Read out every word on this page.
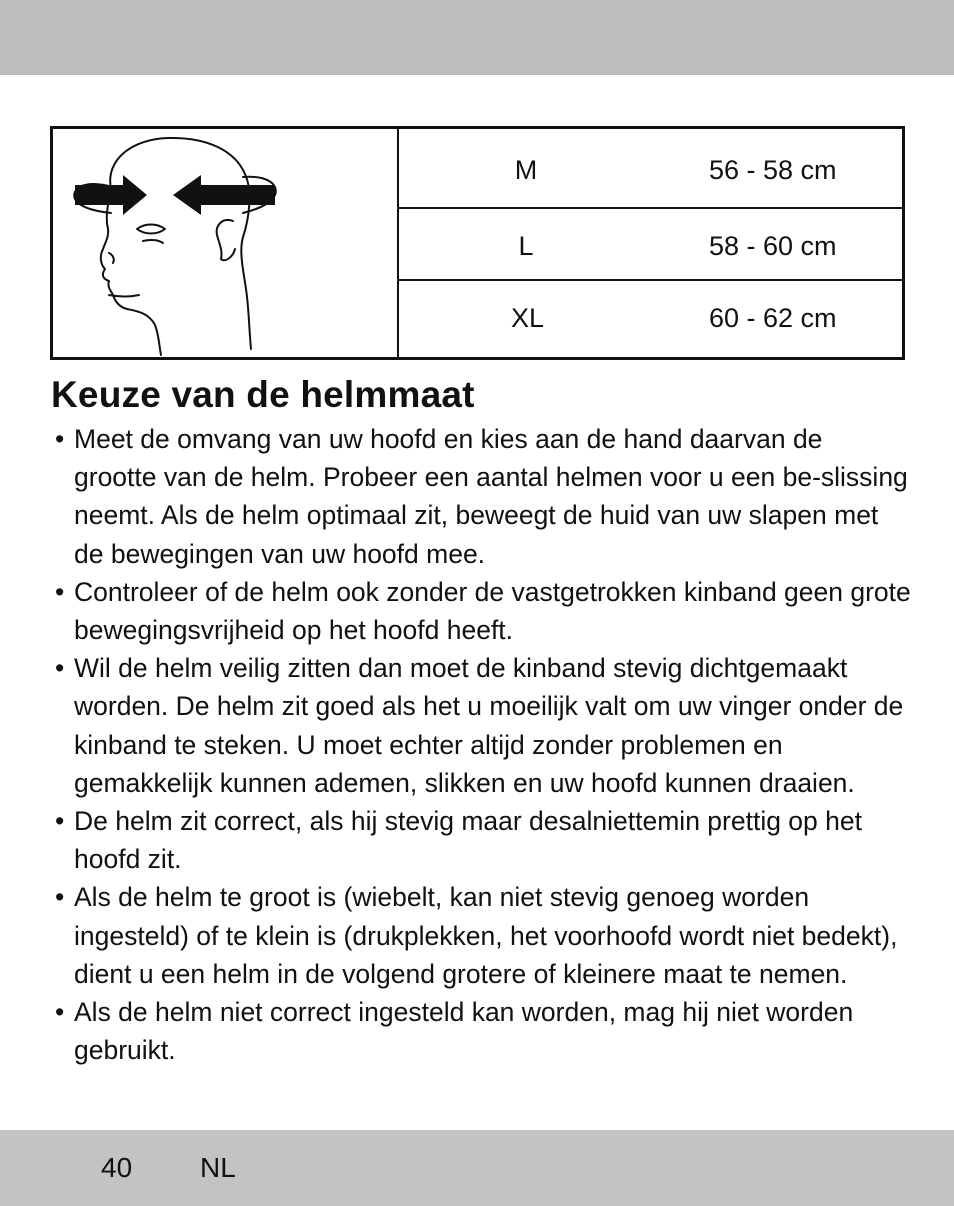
M	56 - 58 cm
L	58 - 60 cm
XL	60 - 62 cm
Keuze van de helmmaat
• Meet de omvang van uw hoofd en kies aan de hand daarvan de grootte van de helm. Probeer een aantal helmen voor u een be-slissing neemt. Als de helm optimaal zit, beweegt de huid van uw slapen met de bewegingen van uw hoofd mee.
• Controleer of de helm ook zonder de vastgetrokken kinband geen grote bewegingsvrijheid op het hoofd heeft.
• Wil de helm veilig zitten dan moet de kinband stevig dichtgemaakt worden. De helm zit goed als het u moeilijk valt om uw vinger onder de kinband te steken. U moet echter altijd zonder problemen en gemakkelijk kunnen ademen, slikken en uw hoofd kunnen draaien.
• De helm zit correct, als hij stevig maar desalniettemin prettig op het hoofd zit.
• Als de helm te groot is (wiebelt, kan niet stevig genoeg worden ingesteld) of te klein is (drukplekken, het voorhoofd wordt niet bedekt), dient u een helm in de volgend grotere of kleinere maat te nemen.
• Als de helm niet correct ingesteld kan worden, mag hij niet worden gebruikt.
40 NL
